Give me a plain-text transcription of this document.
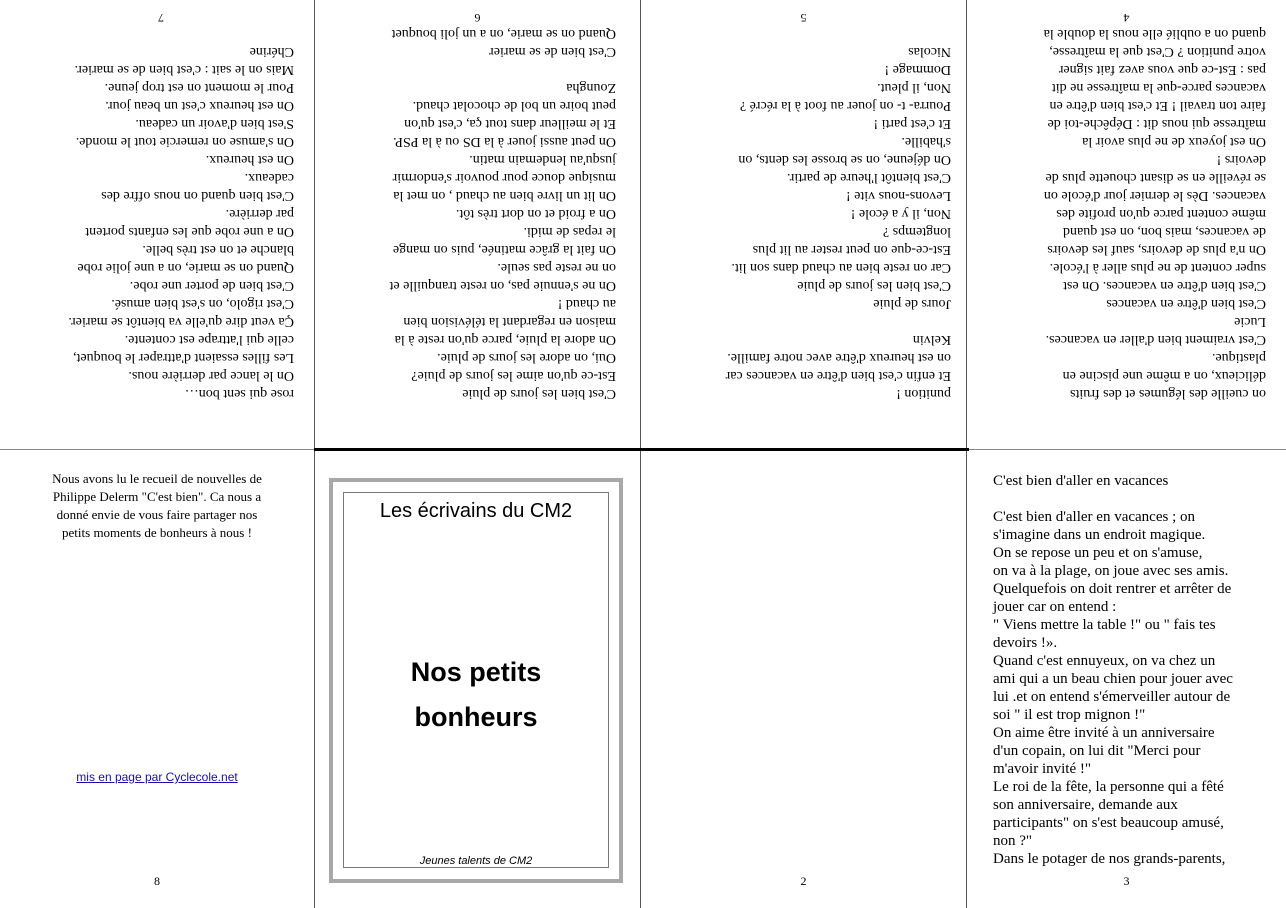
rose qui sent bon…
On le lance par derrière nous.
Les filles essaient d'attraper le bouquet,
celle qui l'attrape est contente.
Ça veut dire qu'elle va bientôt se marier.
C'est rigolo, on s'est bien amusé.
C'est bien de porter une robe.
Quand on se marie, on a une jolie robe
blanche et on est très belle.
On a une robe que les enfants portent
par derrière.
C'est bien quand on nous offre des
cadeaux.
On est heureux.
On s'amuse on remercie tout le monde.
S'est bien d'avoir un cadeau.
On est heureux c'est un beau jour.
Pour le moment on est trop jeune.
Mais on le sait : c'est bien de se marier.
Chérine
7
C'est bien les jours de pluie
Est-ce qu'on aime les jours de pluie?
Oui, on adore les jours de pluie.
On adore la pluie, parce qu'on reste à la
maison en regardant la télévision bien
au chaud !
On ne s'ennuie pas, on reste tranquille et
on ne reste pas seule.
On fait la grâce matinée, puis on mange
le repas de midi.
On a froid et on dort très tôt.
On lit un livre bien au chaud , on met la
musique douce pour pouvoir s'endormir
jusqu'au lendemain matin.
On peut aussi jouer à la DS ou à la PSP.
Et le meilleur dans tout ça, c'est qu'on
peut boire un bol de chocolat chaud.
Zoungha

C'est bien de se marier
Quand on se marie, on a un joli bouquet
6
punition !
Et enfin c'est bien d'être en vacances car
on est heureux d'être avec notre famille.
Kelvin

Jours de pluie
C'est bien les jours de pluie
Car on reste bien au chaud dans son lit.
Est-ce-que on peut rester au lit plus
longtemps ?
Non, il y a école !
Levons-nous vite !
C'est bientôt l'heure de partir.
On déjeune, on se brosse les dents, on
s'habille.
Et c'est parti !
Pourra- t- on jouer au foot à la récré ?
Non, il pleut.
Dommage !
Nicolas
5
on cueille des légumes et des fruits
délicieux, on a même une piscine en
plastique.
C'est vraiment bien d'aller en vacances.
Lucie
C'est bien d'être en vacances
C'est bien d'être en vacances. On est
super content de ne plus aller à l'école.
On n'a plus de devoirs, sauf les devoirs
de vacances, mais bon, on est quand
même content parce qu'on profite des
vacances. Dès le dernier jour d'école on
se réveille en se disant chouette plus de
devoirs !
On est joyeux de ne plus avoir la
maîtresse qui nous dit : Dépêche-toi de
faire ton travail ! Et c'est bien d'être en
vacances parce-que la maîtresse ne dit
pas : Est-ce que vous avez fait signer
votre punition ? C'est que la maîtresse,
quand on a oublié elle nous la double la
4
Nous avons lu le recueil de nouvelles de
Philippe Delerm "C'est bien". Ca nous a
donné envie de vous faire partager nos
petits moments de bonheurs à nous !
8
mis en page par Cyclecole.net
Les écrivains du CM2
Nos petits
bonheurs
Jeunes talents de CM2
2
C'est bien d'aller en vacances

C'est bien d'aller en vacances ; on
s'imagine dans un endroit magique.
On se repose un peu et on s'amuse,
on va à la plage, on joue avec ses amis.
Quelquefois on doit rentrer et arrêter de
jouer car on entend :
" Viens mettre la table !" ou " fais tes
devoirs !».
Quand c'est ennuyeux, on va chez un
ami qui a un beau chien pour jouer avec
lui .et on entend s'émerveiller autour de
soi " il est trop mignon !"
On aime être invité à un anniversaire
d'un copain, on lui dit "Merci pour
m'avoir invité !"
Le roi de la fête, la personne qui a fêté
son anniversaire, demande aux
participants" on s'est beaucoup amusé,
non ?"
Dans le potager de nos grands-parents,
3
